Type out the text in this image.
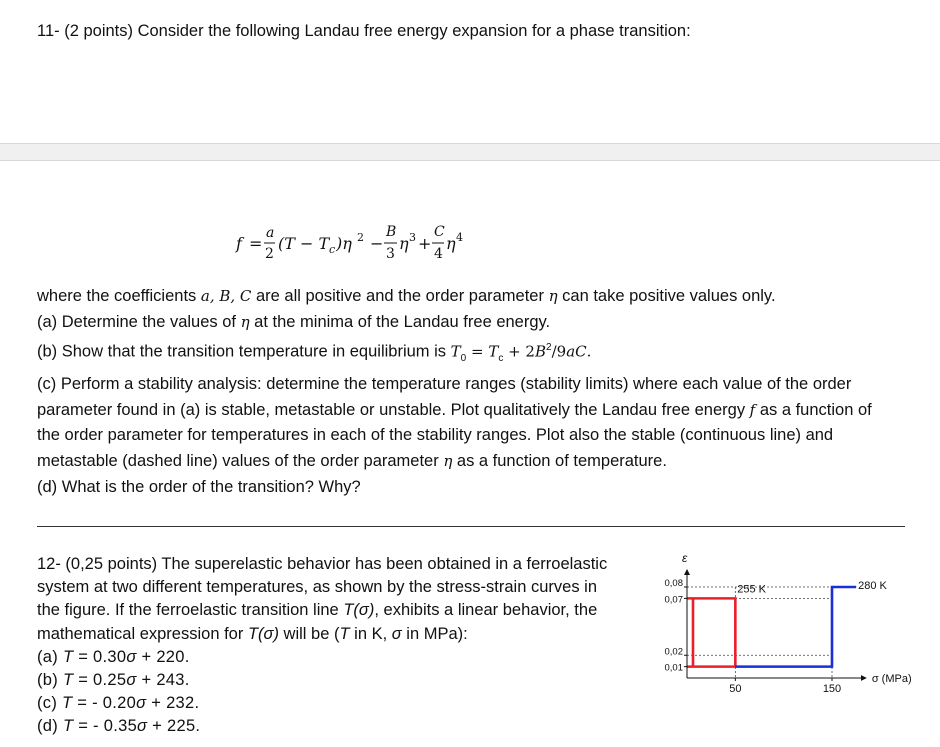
11- (2 points) Consider the following Landau free energy expansion for a phase transition:
f =
a
2
(T − T c )η 2 −
B
3
η 3 +
C
4
η 4
where the coefficients a, B, C are all positive and the order parameter η can take positive values only.
(a) Determine the values of η at the minima of the Landau free energy.
(b) Show that the transition temperature in equilibrium is $T_0 = T_c + 2B^2/9aC$.
(c) Perform a stability analysis: determine the temperature ranges (stability limits) where each value of the order
parameter found in (a) is stable, metastable or unstable. Plot qualitatively the Landau free energy f as a function of
the order parameter for temperatures in each of the stability ranges. Plot also the stable (continuous line) and
metastable (dashed line) values of the order parameter η as a function of temperature.
(d) What is the order of the transition? Why?
12- (0,25 points) The superelastic behavior has been obtained in a ferroelastic
system at two different temperatures, as shown by the stress-strain curves in
the figure. If the ferroelastic transition line T(σ), exhibits a linear behavior, the
mathematical expression for T(σ) will be (T in K, σ in MPa):
(a) T = 0.30σ + 220.
(b) T = 0.25σ + 243.
(c) T = - 0.20σ + 232.
(d) T = - 0.35σ + 225.
ε
σ (MPa)
0,01
0,02
0,07
0,08
50	150
255 K	280 K
